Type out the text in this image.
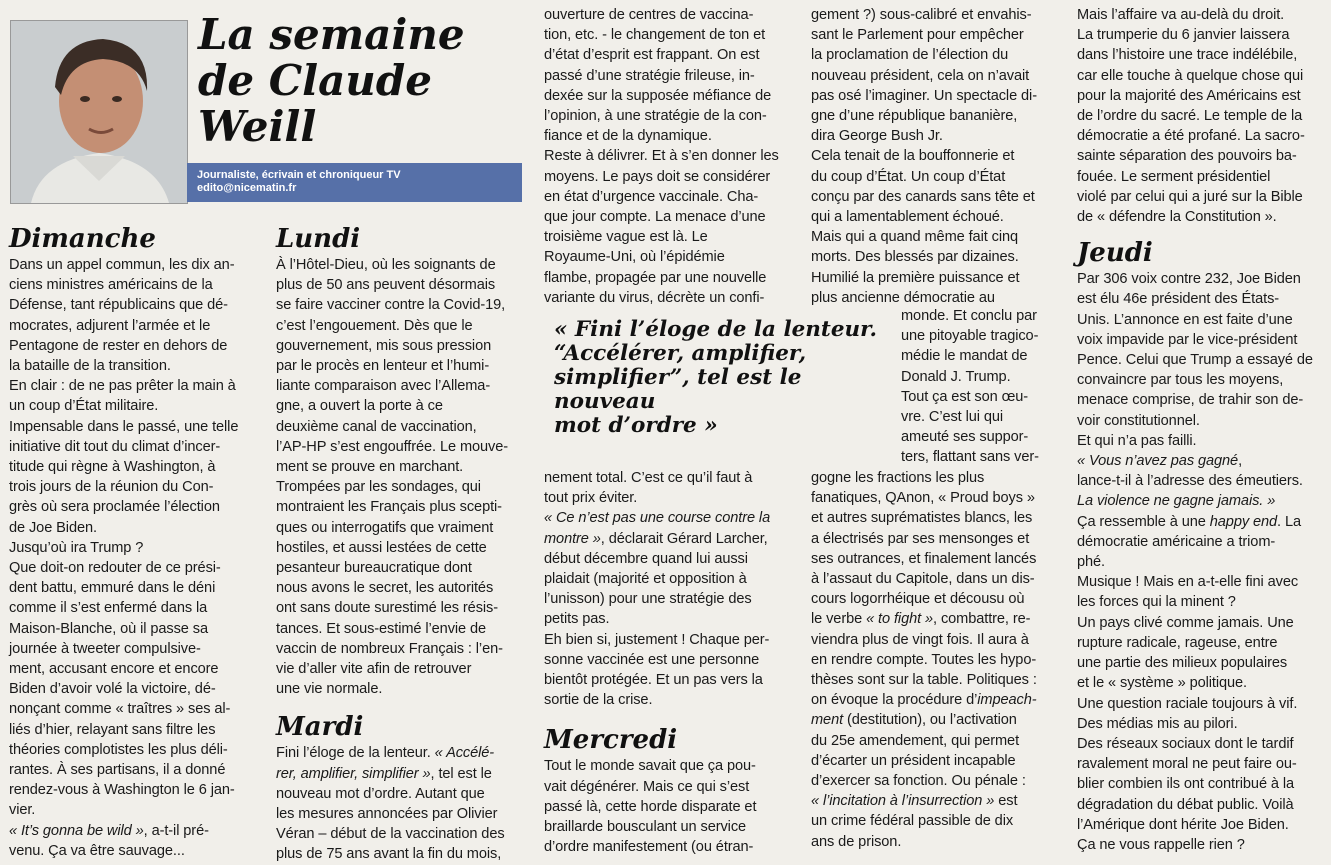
La semaine
de Claude Weill
Journaliste, écrivain et chroniqueur TV
edito@nicematin.fr
Dimanche

Dans un appel commun, les dix an-
ciens ministres américains de la
Défense, tant républicains que dé-
mocrates, adjurent l’armée et le
Pentagone de rester en dehors de
la bataille de la transition.
En clair : de ne pas prêter la main à
un coup d’État militaire.
Impensable dans le passé, une telle
initiative dit tout du climat d’incer-
titude qui règne à Washington, à
trois jours de la réunion du Con-
grès où sera proclamée l’élection
de Joe Biden.
Jusqu’où ira Trump ?
Que doit-on redouter de ce prési-
dent battu, emmuré dans le déni
comme il s’est enfermé dans la
Maison-Blanche, où il passe sa
journée à tweeter compulsive-
ment, accusant encore et encore
Biden d’avoir volé la victoire, dé-
nonçant comme « traîtres » ses al-
liés d’hier, relayant sans filtre les
théories complotistes les plus déli-
rantes. À ses partisans, il a donné
rendez-vous à Washington le 6 jan-
vier.
« It’s gonna be wild », a-t-il pré-
venu. Ça va être sauvage...

Lundi

À l’Hôtel-Dieu, où les soignants de
plus de 50 ans peuvent désormais
se faire vacciner contre la Covid-19,
c’est l’engouement. Dès que le
gouvernement, mis sous pression
par le procès en lenteur et l’humi-
liante comparaison avec l’Allema-
gne, a ouvert la porte à ce
deuxième canal de vaccination,
l’AP-HP s’est engouffrée. Le mouve-
ment se prouve en marchant.
Trompées par les sondages, qui
montraient les Français plus scepti-
ques ou interrogatifs que vraiment
hostiles, et aussi lestées de cette
pesanteur bureaucratique dont
nous avons le secret, les autorités
ont sans doute surestimé les résis-
tances. Et sous-estimé l’envie de
vaccin de nombreux Français : l’en-
vie d’aller vite afin de retrouver
une vie normale.

Mardi

Fini l’éloge de la lenteur. « Accélé-
rer, amplifier, simplifier », tel est le
nouveau mot d’ordre. Autant que
les mesures annoncées par Olivier
Véran – début de la vaccination des
plus de 75 ans avant la fin du mois,

ouverture de centres de vaccina-
tion, etc. - le changement de ton et
d’état d’esprit est frappant. On est
passé d’une stratégie frileuse, in-
dexée sur la supposée méfiance de
l’opinion, à une stratégie de la con-
fiance et de la dynamique.
Reste à délivrer. Et à s’en donner les
moyens. Le pays doit se considérer
en état d’urgence vaccinale. Cha-
que jour compte. La menace d’une
troisième vague est là. Le
Royaume-Uni, où l’épidémie
flambe, propagée par une nouvelle
variante du virus, décrète un confi-

« Fini l’éloge de la lenteur.
“Accélérer, amplifier,
simplifier”, tel est le nouveau
mot d’ordre »

nement total. C’est ce qu’il faut à
tout prix éviter.
« Ce n’est pas une course contre la
montre », déclarait Gérard Larcher,
début décembre quand lui aussi
plaidait (majorité et opposition à
l’unisson) pour une stratégie des
petits pas.
Eh bien si, justement ! Chaque per-
sonne vaccinée est une personne
bientôt protégée. Et un pas vers la
sortie de la crise.

Mercredi

Tout le monde savait que ça pou-
vait dégénérer. Mais ce qui s’est
passé là, cette horde disparate et
braillarde bousculant un service
d’ordre manifestement (ou étran-

gement ?) sous-calibré et envahis-
sant le Parlement pour empêcher
la proclamation de l’élection du
nouveau président, cela on n’avait
pas osé l’imaginer. Un spectacle di-
gne d’une république bananière,
dira George Bush Jr.
Cela tenait de la bouffonnerie et
du coup d’État. Un coup d’État
conçu par des canards sans tête et
qui a lamentablement échoué.
Mais qui a quand même fait cinq
morts. Des blessés par dizaines.
Humilié la première puissance et
plus ancienne démocratie au

monde. Et conclu par
une pitoyable tragico-
médie le mandat de
Donald J. Trump.
Tout ça est son œu-
vre. C’est lui qui
ameuté ses suppor-
ters, flattant sans ver-

gogne les fractions les plus
fanatiques, QAnon, « Proud boys »
et autres suprématistes blancs, les
a électrisés par ses mensonges et
ses outrances, et finalement lancés
à l’assaut du Capitole, dans un dis-
cours logorrhéique et décousu où
le verbe « to fight », combattre, re-
viendra plus de vingt fois. Il aura à
en rendre compte. Toutes les hypo-
thèses sont sur la table. Politiques :
on évoque la procédure d’impeach-
ment (destitution), ou l’activation
du 25e amendement, qui permet
d’écarter un président incapable
d’exercer sa fonction. Ou pénale :
« l’incitation à l’insurrection » est
un crime fédéral passible de dix
ans de prison.

Mais l’affaire va au-delà du droit.
La trumperie du 6 janvier laissera
dans l’histoire une trace indélébile,
car elle touche à quelque chose qui
pour la majorité des Américains est
de l’ordre du sacré. Le temple de la
démocratie a été profané. La sacro-
sainte séparation des pouvoirs ba-
fouée. Le serment présidentiel
violé par celui qui a juré sur la Bible
de « défendre la Constitution ».

Jeudi

Par 306 voix contre 232, Joe Biden
est élu 46e président des États-
Unis. L’annonce en est faite d’une
voix impavide par le vice-président
Pence. Celui que Trump a essayé de
convaincre par tous les moyens,
menace comprise, de trahir son de-
voir constitutionnel.
Et qui n’a pas failli.
« Vous n’avez pas gagné,
lance-t-il à l’adresse des émeutiers.
La violence ne gagne jamais. »
Ça ressemble à une happy end. La
démocratie américaine a triom-
phé.
Musique ! Mais en a-t-elle fini avec
les forces qui la minent ?
Un pays clivé comme jamais. Une
rupture radicale, rageuse, entre
une partie des milieux populaires
et le « système » politique.
Une question raciale toujours à vif.
Des médias mis au pilori.
Des réseaux sociaux dont le tardif
ravalement moral ne peut faire ou-
blier combien ils ont contribué à la
dégradation du débat public. Voilà
l’Amérique dont hérite Joe Biden.
Ça ne vous rappelle rien ?
